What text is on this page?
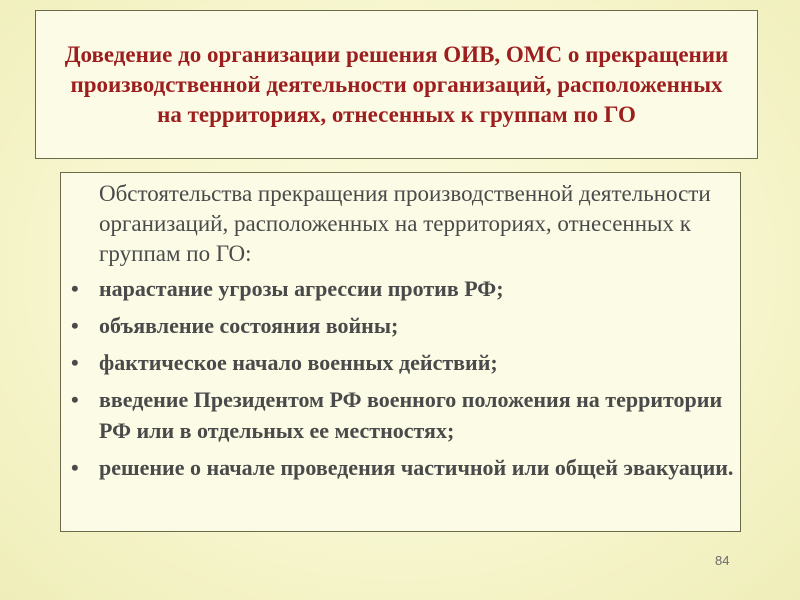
Доведение до организации решения ОИВ, ОМС о прекращении производственной деятельности организаций, расположенных на территориях, отнесенных к группам по ГО

Обстоятельства прекращения производственной деятельности организаций, расположенных на территориях, отнесенных к группам по ГО:

• нарастание угрозы агрессии против РФ;
• объявление состояния войны;
• фактическое начало военных действий;
• введение Президентом РФ военного положения на территории РФ или в отдельных ее местностях;
• решение о начале проведения частичной или общей эвакуации.
84
